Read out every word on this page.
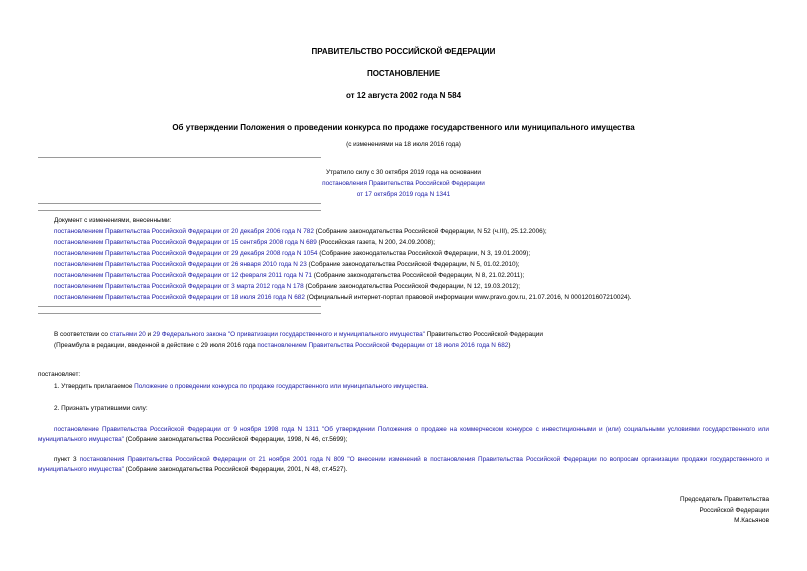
ПРАВИТЕЛЬСТВО РОССИЙСКОЙ ФЕДЕРАЦИИ
ПОСТАНОВЛЕНИЕ
от 12 августа 2002 года N 584
Об утверждении Положения о проведении конкурса по продаже государственного или муниципального имущества
(с изменениями на 18 июля 2016 года)
Утратило силу с 30 октября 2019 года на основании
постановления Правительства Российской Федерации
от 17 октября 2019 года N 1341
Документ с изменениями, внесенными:
постановлением Правительства Российской Федерации от 20 декабря 2006 года N 782 (Собрание законодательства Российской Федерации, N 52 (ч.III), 25.12.2006);
постановлением Правительства Российской Федерации от 15 сентября 2008 года N 689 (Российская газета, N 200, 24.09.2008);
постановлением Правительства Российской Федерации от 29 декабря 2008 года N 1054 (Собрание законодательства Российской Федерации, N 3, 19.01.2009);
постановлением Правительства Российской Федерации от 26 января 2010 года N 23 (Собрание законодательства Российской Федерации, N 5, 01.02.2010);
постановлением Правительства Российской Федерации от 12 февраля 2011 года N 71 (Собрание законодательства Российской Федерации, N 8, 21.02.2011);
постановлением Правительства Российской Федерации от 3 марта 2012 года N 178 (Собрание законодательства Российской Федерации, N 12, 19.03.2012);
постановлением Правительства Российской Федерации от 18 июля 2016 года N 682 (Официальный интернет-портал правовой информации www.pravo.gov.ru, 21.07.2016, N 0001201607210024).
В соответствии со статьями 20 и 29 Федерального закона "О приватизации государственного и муниципального имущества" Правительство Российской Федерации
(Преамбула в редакции, введенной в действие с 29 июля 2016 года постановлением Правительства Российской Федерации от 18 июля 2016 года N 682)
постановляет:
1. Утвердить прилагаемое Положение о проведении конкурса по продаже государственного или муниципального имущества.
2. Признать утратившими силу:
постановление Правительства Российской Федерации от 9 ноября 1998 года N 1311 "Об утверждении Положения о продаже на коммерческом конкурсе с инвестиционными и (или) социальными условиями государственного или муниципального имущества" (Собрание законодательства Российской Федерации, 1998, N 46, ст.5699);
пункт 3 постановления Правительства Российской Федерации от 21 ноября 2001 года N 809 "О внесении изменений в постановления Правительства Российской Федерации по вопросам организации продажи государственного и муниципального имущества" (Собрание законодательства Российской Федерации, 2001, N 48, ст.4527).
Председатель Правительства
Российской Федерации
М.Касьянов
